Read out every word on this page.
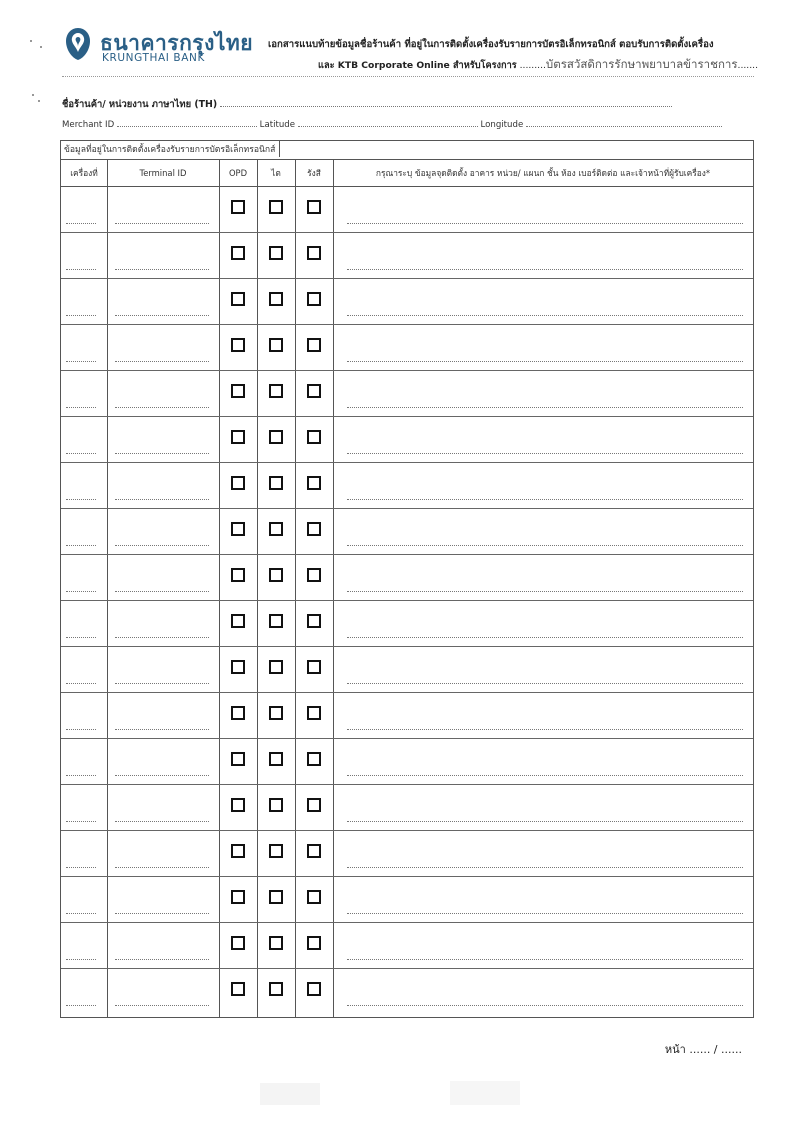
ธนาคารกรุงไทย
KRUNGTHAI BANK
เอกสารแนบท้ายข้อมูลชื่อร้านค้า ที่อยู่ในการติดตั้งเครื่องรับรายการบัตรอิเล็กทรอนิกส์ ตอบรับการติดตั้งเครื่อง
และ KTB Corporate Online สำหรับโครงการ .........บัตรสวัสดิการรักษาพยาบาลข้าราชการ.......
ชื่อร้านค้า/ หน่วยงาน ภาษาไทย (TH)
Merchant ID	Latitude	Longitude
ข้อมูลที่อยู่ในการติดตั้งเครื่องรับรายการบัตรอิเล็กทรอนิกส์
เครื่องที่	Terminal ID	OPD	ไต	รังสี	กรุณาระบุ ข้อมูลจุดติดตั้ง อาคาร หน่วย/ แผนก ชั้น ห้อง เบอร์ติดต่อ และเจ้าหน้าที่ผู้รับเครื่อง*
หน้า ...... / ......
